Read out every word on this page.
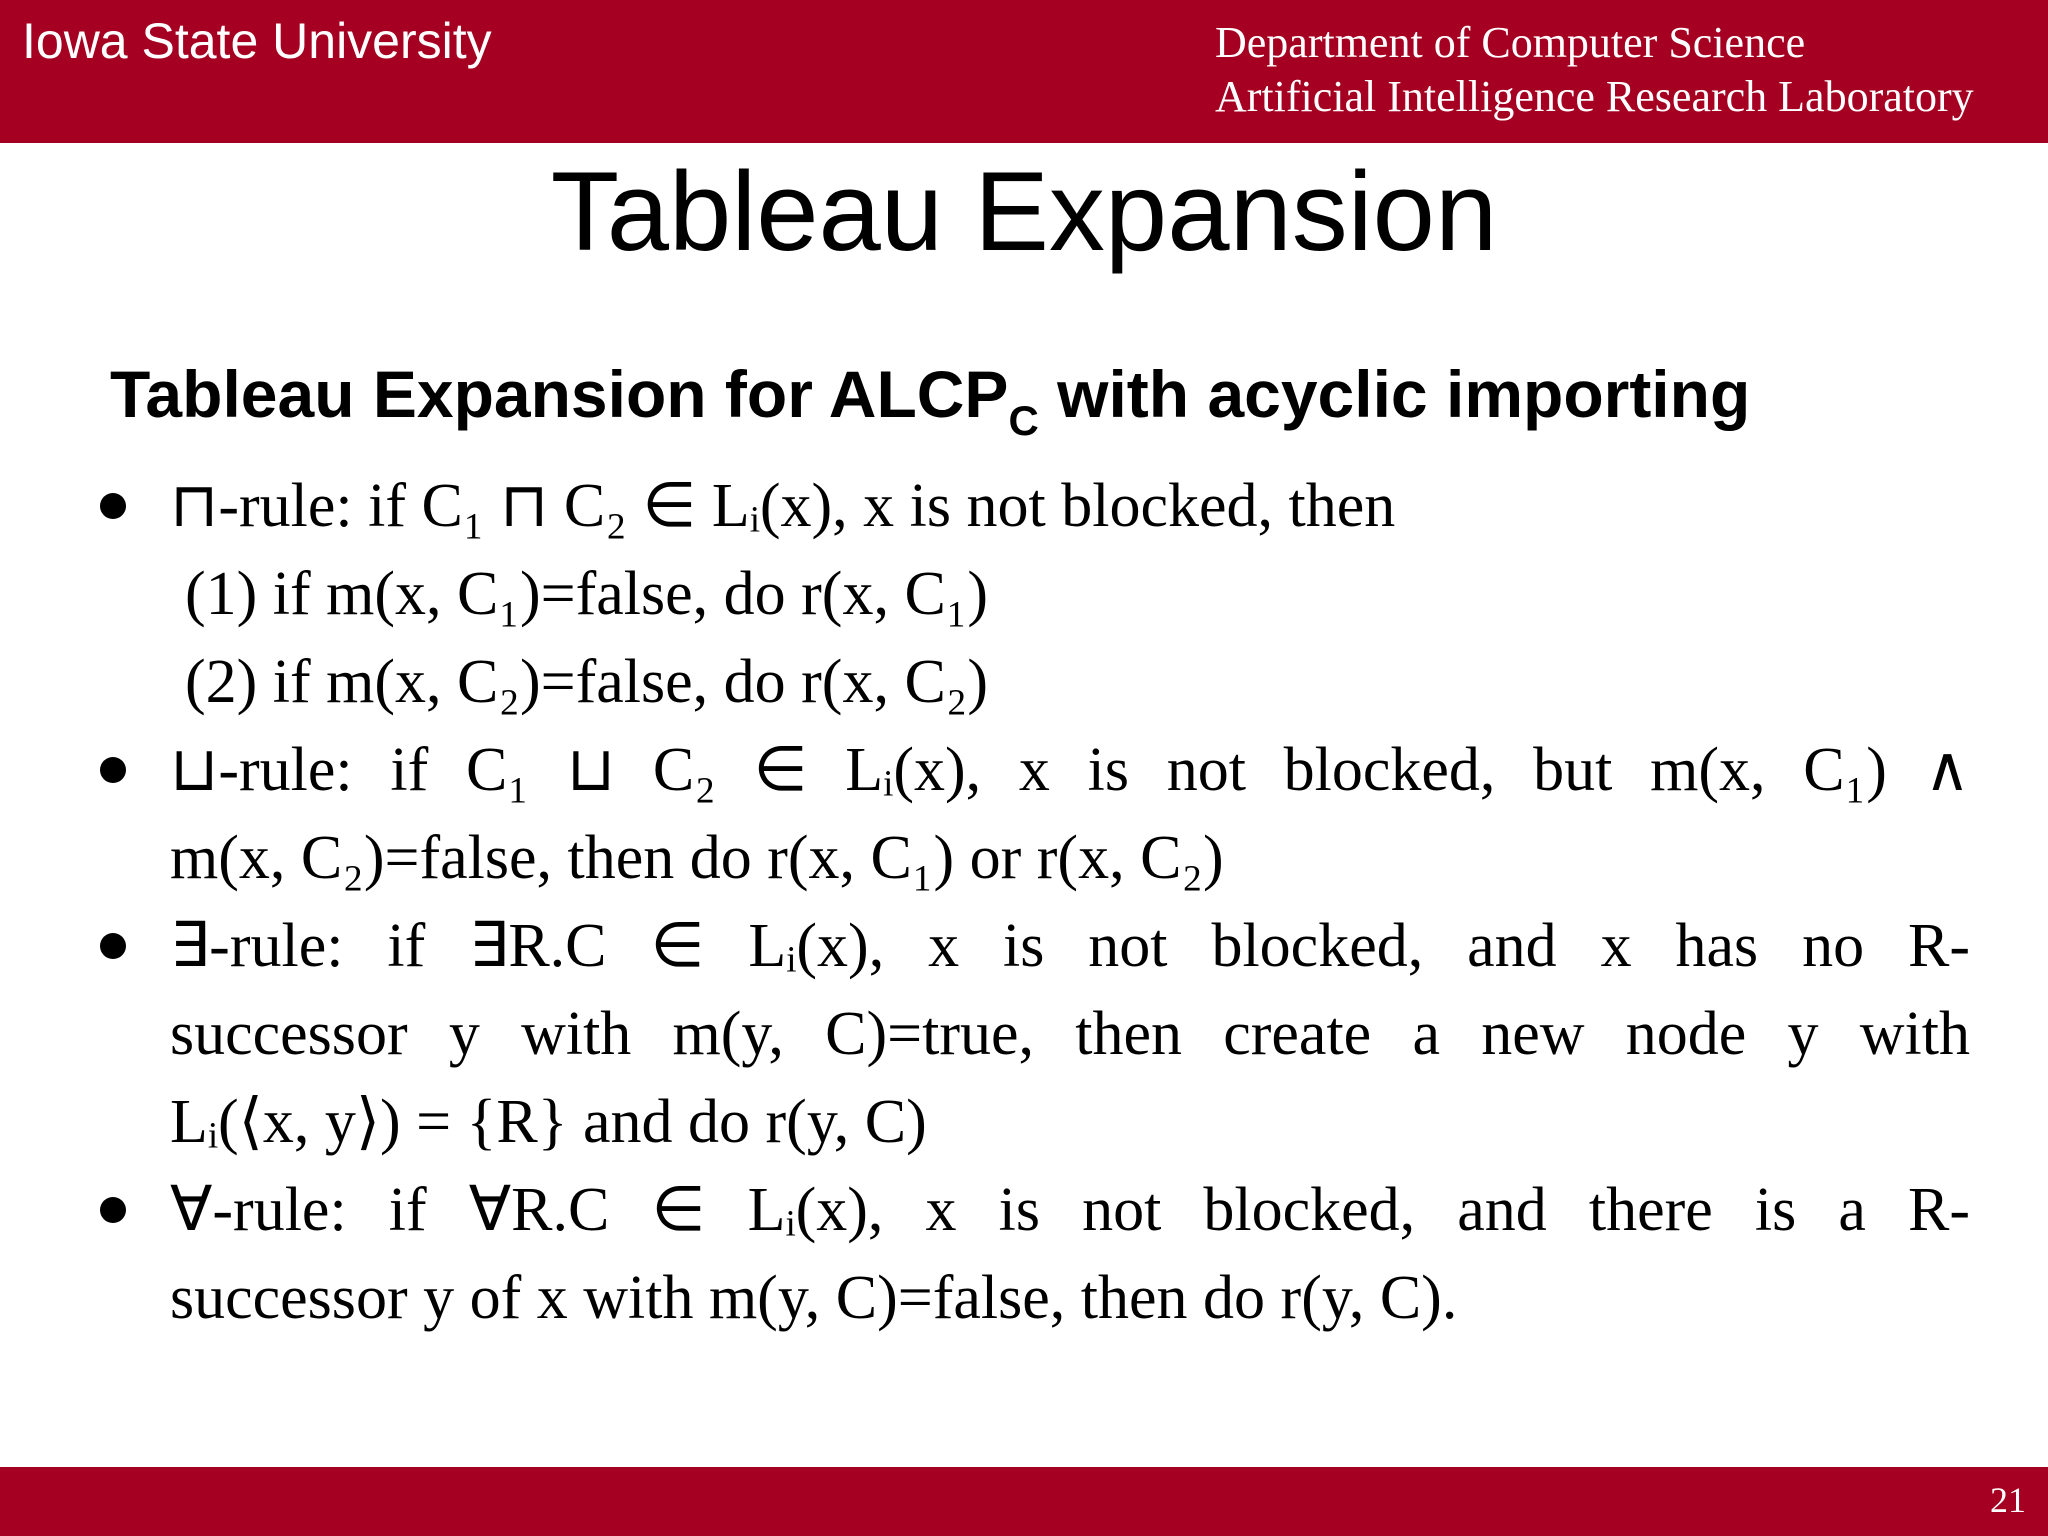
Iowa State University	Department of Computer Science
Artificial Intelligence Research Laboratory
Tableau Expansion
Tableau Expansion for $ALCP_C$ with acyclic importing
⊓-rule: if C₁ ⊓ C₂ ∈ Lᵢ(x), x is not blocked, then
(1) if m(x, C₁)=false, do r(x, C₁)
(2) if m(x, C₂)=false, do r(x, C₂)
⊔-rule: if C₁ ⊔ C₂ ∈ Lᵢ(x), x is not blocked, but m(x, C₁) ∧
m(x, C₂)=false, then do r(x, C₁) or r(x, C₂)
∃-rule: if ∃R.C ∈ Lᵢ(x), x is not blocked, and x has no R-
successor y with m(y, C)=true, then create a new node y with
Lᵢ(⟨x, y⟩) = {R} and do r(y, C)
∀-rule: if ∀R.C ∈ Lᵢ(x), x is not blocked, and there is a R-
successor y of x with m(y, C)=false, then do r(y, C).
21
